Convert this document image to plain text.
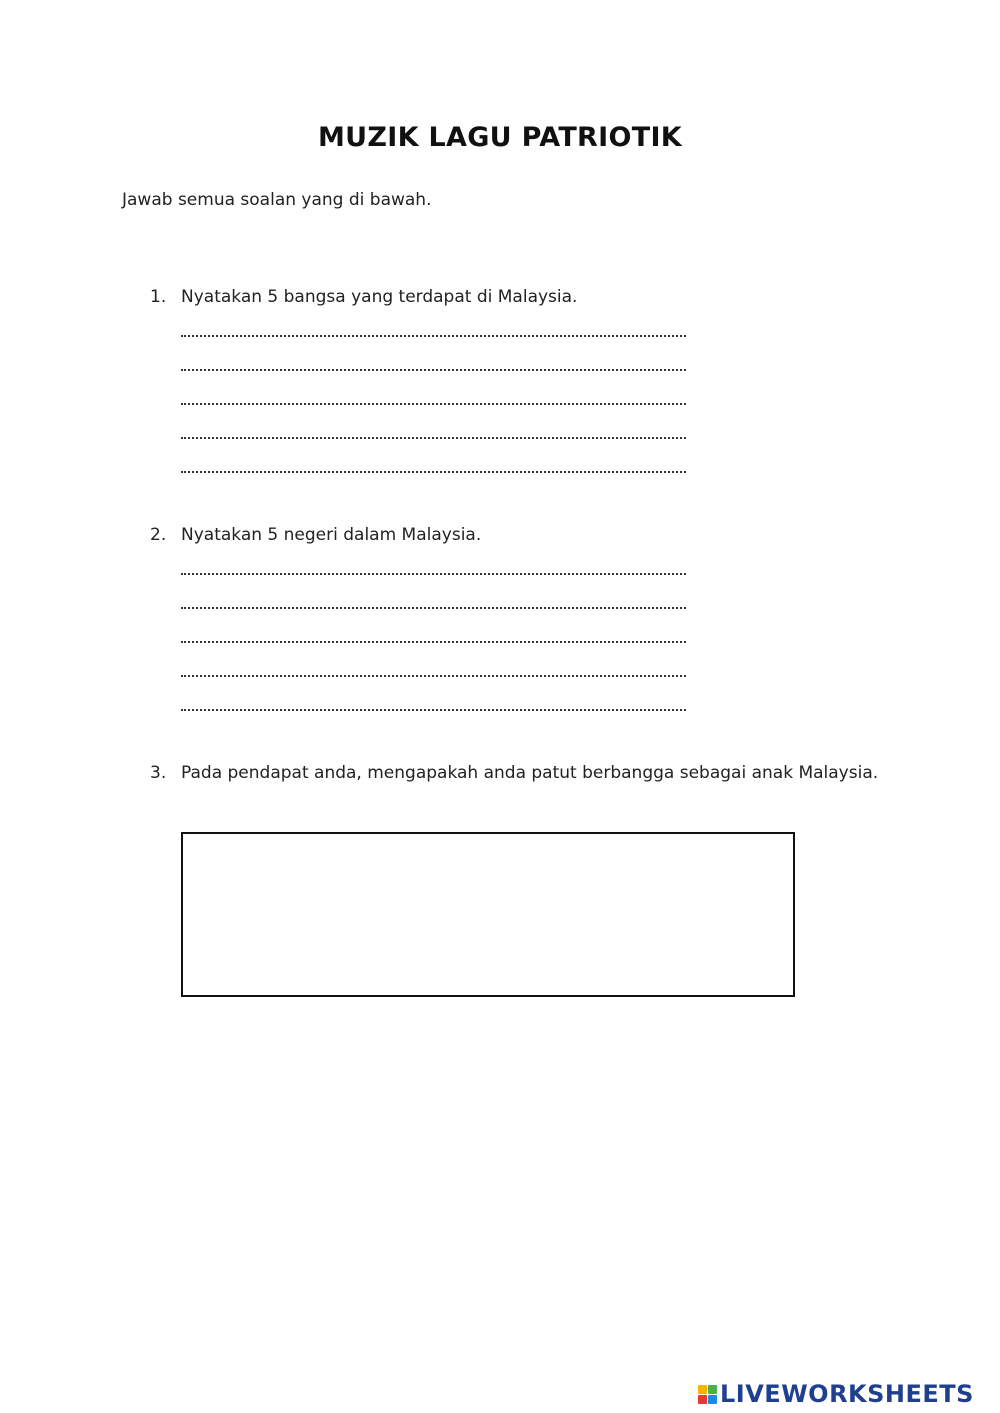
MUZIK LAGU PATRIOTIK
Jawab semua soalan yang di bawah.
1. Nyatakan 5 bangsa yang terdapat di Malaysia.
2. Nyatakan 5 negeri dalam Malaysia.
3. Pada pendapat anda, mengapakah anda patut berbangga sebagai anak Malaysia.
LIVEWORKSHEETS
